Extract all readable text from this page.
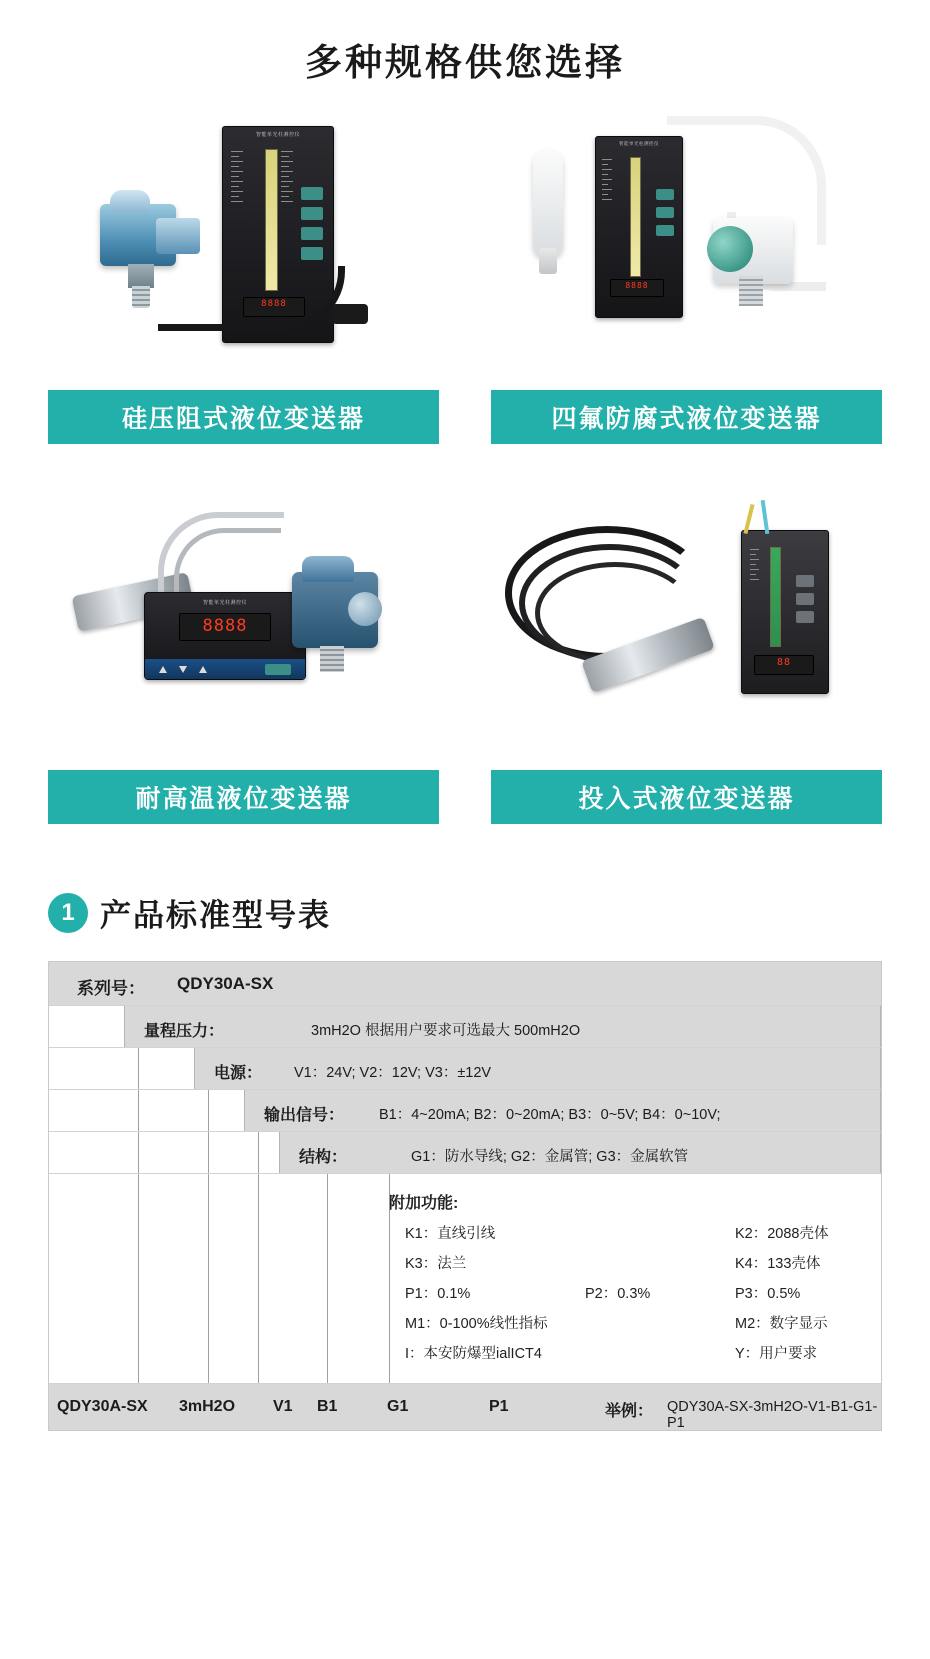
多种规格供您选择
智能单光柱测控仪
8888
硅压阻式液位变送器
智能单光柱测控仪
8888
四氟防腐式液位变送器
智能单光柱测控仪
8888
耐高温液位变送器
88
投入式液位变送器
1 产品标准型号表
系列号： QDY30A-SX
量程压力：	3mH2O 根据用户要求可选最大 500mH2O
电源： V1：24V; V2：12V; V3：±12V
输出信号： B1：4~20mA; B2：0~20mA; B3：0~5V; B4：0~10V;
结构：	G1：防水导线; G2：金属管; G3：金属软管
附加功能:
K1：直线引线	K2：2088壳体
K3：法兰	K4：133壳体
P1：0.1%	P2：0.3%	P3：0.5%
M1：0-100%线性指标	M2：数字显示
I：本安防爆型ialICT4	Y：用户要求
QDY30A-SX 3mH2O V1 B1	G1	P1	举例： QDY30A-SX-3mH2O-V1-B1-G1-P1
